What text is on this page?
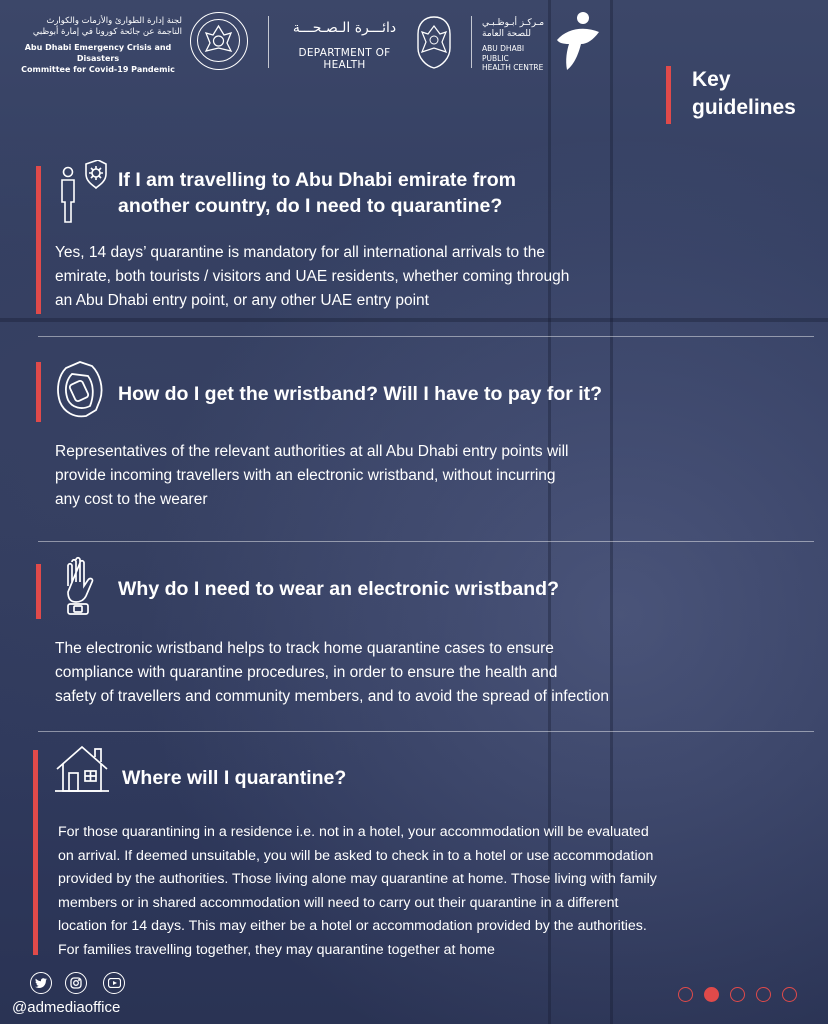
لجنة إدارة الطوارئ والأزمات والكوارث
الناجمة عن جائحة كورونا في إمارة أبوظبي
Abu Dhabi Emergency Crisis and Disasters
Committee for Covid-19 Pandemic
دائـــرة الـصـحـــة
DEPARTMENT OF HEALTH
مـركـز أبـوظـبـي
للصحة العامة
ABU DHABI PUBLIC
HEALTH CENTRE
Key
guidelines
If I am travelling to Abu Dhabi emirate from
another country, do I need to quarantine?
Yes, 14 days’ quarantine is mandatory for all international arrivals to the
emirate, both tourists / visitors and UAE residents, whether coming through
an Abu Dhabi entry point, or any other UAE entry point
How do I get the wristband? Will I have to pay for it?
Representatives of the relevant authorities at all Abu Dhabi entry points will
provide incoming travellers with an electronic wristband, without incurring
any cost to the wearer
Why do I need to wear an electronic wristband?
The electronic wristband helps to track home quarantine cases to ensure
compliance with quarantine procedures, in order to ensure the health and
safety of travellers and community members, and to avoid the spread of infection
Where will I quarantine?
For those quarantining in a residence i.e. not in a hotel, your accommodation will be evaluated
on arrival. If deemed unsuitable, you will be asked to check in to a hotel or use accommodation
provided by the authorities. Those living alone may quarantine at home. Those living with family
members or in shared accommodation will need to carry out their quarantine in a different
location for 14 days. This may either be a hotel or accommodation provided by the authorities.
For families travelling together, they may quarantine together at home
@admediaoffice
